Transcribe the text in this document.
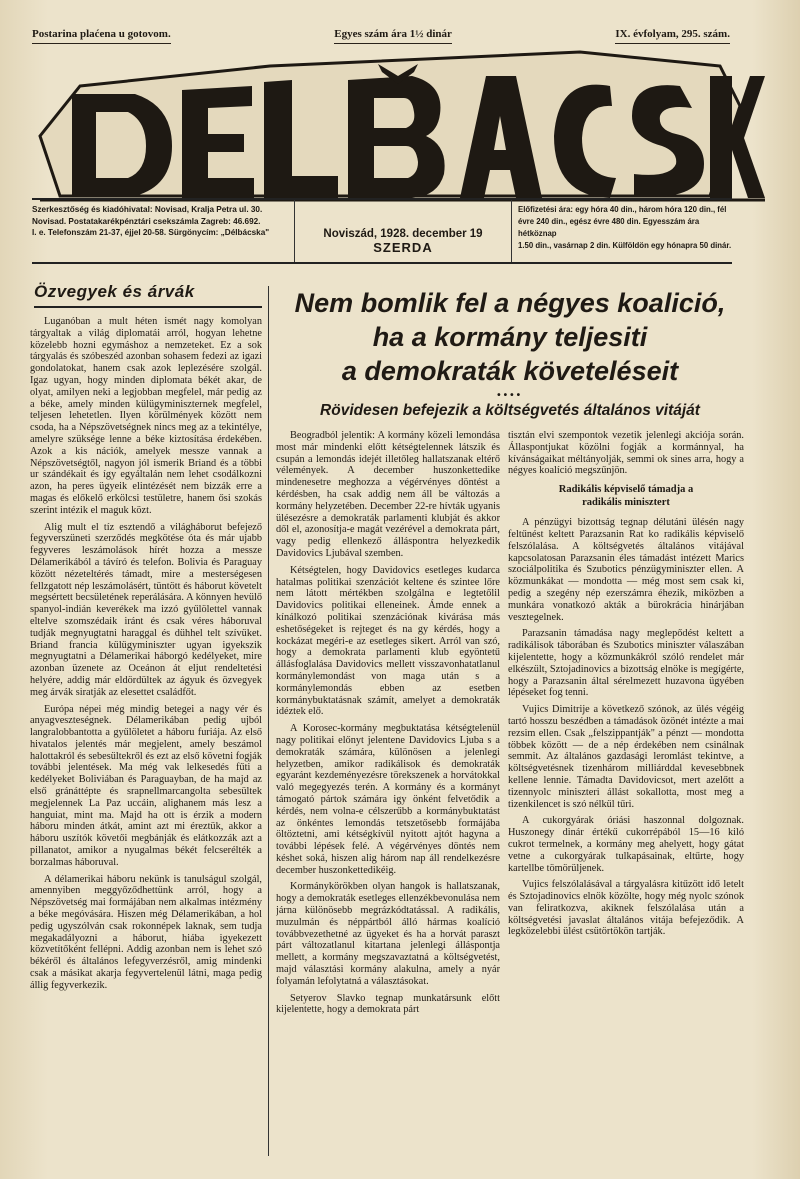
Postarina plaćena u gotovom.	Egyes szám ára 1½ dinár	IX. évfolyam, 295. szám.
Szerkesztőség és kiadóhivatal: Novisad, Kralja Petra ul. 30.
Novisad. Postatakarékpénztári csekszámla Zagreb: 46.692.
I. e. Telefonszám 21-37, éjjel 20-58. Sürgönycím: „Délbácska"	Noviszád, 1928. december 19
SZERDA
Előfizetési ára: egy hóra 40 din., három hóra 120 din., fél
évre 240 din., egész évre 480 din. Egyesszám ára hétköznap
1.50 din., vasárnap 2 din. Külföldön egy hónapra 50 dinár.
Özvegyek és árvák

Luganóban a mult héten ismét nagy komolyan tárgyaltak a világ diplomatái arról, hogyan lehetne közelebb hozni egymáshoz a nemzeteket. Ez a sok tárgyalás és szóbeszéd azonban sohasem fedezi az igazi gondolatokat, hanem csak azok leplezésére szolgál. Igaz ugyan, hogy minden diplomata békét akar, de olyat, amilyen neki a legjobban megfelel, már pedig az a béke, amely minden külügyminiszternek megfelel, teljesen lehetetlen. Ilyen körülmények között nem csoda, ha a Népszövetségnek nincs meg az a tekintélye, amelyre szüksége lenne a béke kiztosítása érdekében. Azok a kis nációk, amelyek messze vannak a Népszövetségtől, nagyon jól ismerik Briand és a többi ur szándékait és így egyáltalán nem lehet csodálkozni azon, ha peres ügyeik elintézését nem bizzák erre a magas és előkelő erkölcsi testületre, hanem ősi szokás szerint intézik el maguk közt.

Alig mult el tíz esztendő a világháborut befejező fegyverszüneti szerződés megkötése óta és már ujabb fegyveres leszámolások hírét hozza a messze Délamerikából a távíró és telefon. Bolivia és Paraguay között nézeteltérés támadt, mire a mesterségesen fellzgatott nép leszámolásért, tüntött és háborut követelt megsértett becsületének reperálására. A könnyen hevülő spanyol-indián keverékek ma izzó gyűlölettel vannak eltelve szomszédaik iránt és csak véres háboruval tudják megnyugtatni haraggal és dühhel telt szívüket. Briand francia külügyminiszter ugyan igyekszik megnyugtatni a Délamerikai háborgó kedélyeket, mire azonban üzenete az Oceánon át eljut rendeltetési helyére, addig már eldördültek az ágyuk és özvegyek meg árvák siratják az elesettet családfőt.

Európa népei még mindig betegei a nagy vér és anyagveszteségnek. Délamerikában pedig ujból langralobbantotta a gyűlöletet a háboru furiája. Az első hivatalos jelentés már megjelent, amely beszámol halottakról és sebesültekről és ezt az első követni fogják további jelentések. Ma még vak lelkesedés fűti a kedélyeket Boliviában és Paraguayban, de ha majd az első gránáttépte és srapnellmarcangolta sebesültek megjelennek La Paz uccáin, alighanem más lesz a hanguiat, mint ma. Majd ha ott is érzik a modern háboru minden átkát, amint azt mi éreztük, akkor a háboru uszítók követői megbánják és elátkozzák azt a pillanatot, amikor a nyugalmas békét felcserélték a borzalmas háboruval.

A délamerikai háboru nekünk is tanulságul szolgál, amennyiben meggyőződhettünk arról, hogy a Népszövetség mai formájában nem alkalmas intézmény a béke megóvására. Hiszen még Délamerikában, a hol pedig ugyszólván csak rokonnépek laknak, sem tudja megakadályozni a háborut, hiába igyekezett közvetítőként fellépni. Addig azonban nem is lehet szó békéről és általános lefegyverzésről, amig mindenki csak a másikat akarja fegyvertelenül látni, maga pedig állig fegyverkezik.

Nem bomlik fel a négyes koalició,
ha a kormány teljesiti
a demokraták követeléseit
••••
Rövidesen befejezik a költségvetés általános vitáját

Beogradból jelentik: A kormány közeli lemondása most már mindenki előtt kétségtelennek látszik és csupán a lemondás idejét illetőleg hallatszanak eltérő vélemények. A december huszonkettedike mindenesetre meghozza a végérvényes döntést a kérdésben, ha csak addig nem áll be változás a kormány helyzetében. December 22-re hívták ugyanis ülésezésre a demokraták parlamenti klubját és akkor dől el, azonosítja-e magát vezérével a demokrata párt, vagy pedig ellenkező álláspontra helyezkedik Davidovics Ljubával szemben.

Kétségtelen, hogy Davidovics esetleges kudarca hatalmas politikai szenzációt keltene és szintee lőre nem látott mértékben szolgálna e legtetőlil Davidovics politikai elleneinek. Ámde ennek a kínálkozó politikai szenzációnak kivárása más eshetőségeket is rejteget és na gy kérdés, hogy a kockázat megéri-e az esetleges sikert. Arról van szó, hogy a demokrata parlamenti klub egyöntetű állásfoglalása Davidovics mellett visszavonhatatlanul kormánylemondást von maga után s a kormánylemondás ebben az esetben kormánybuktatásnak számít, amelyet a demokraták idéztek elő.

A Korosec-kormány megbuktatása kétségtelenül nagy politikai előnyt jelentene Davidovics Ljuba s a demokraták számára, különösen a jelenlegi helyzetben, amikor radikálisok és demokraták egyaránt kezdeményezésre törekszenek a horvátokkal való megegyezés terén. A kormány és a kormányt támogató pártok számára igy önként felvetődik a kérdés, nem volna-e célszerűbb a kormánybuktatást az önkéntes lemondás tetszetősebb formájába öltöztetni, ami kétségkívül nyitott ajtót hagyna a további lépések felé. A végérvényes döntés nem késhet soká, hiszen alig három nap áll rendelkezésre december huszonkettedikéig.

Kormánykörökben olyan hangok is hallatszanak, hogy a demokraták esetleges ellenzékbevonulása nem járna különösebb megrázkódtatással. A radikális, muzulmán és néppártból álló hármas koalíció továbbvezethetné az ügyeket és ha a horvát paraszt párt változatlanul kitartana jelenlegi álláspontja mellett, a kormány megszavaztatná a költségvetést, majd választási kormány alakulna, amely a nyár folyamán lefolytatná a választásokat.

Setyerov Slavko tegnap munkatársunk előtt kijelentette, hogy a demokrata párt

tisztán elvi szempontok vezetik jelenlegi akciója során. Állaspontjukat közölni fogják a kormánnyal, ha kívánságaikat méltányolják, semmi ok sines arra, hogy a négyes koalíció megszűnjön.

Radikális képviselő támadja a
radikális minisztert

A pénzügyi bizottság tegnap délutáni ülésén nagy feltűnést keltett Parazsanin Rat ko radikális képviselő felszólalása. A költségvetés általános vitájával kapcsolatosan Parazsanin éles támadást intézett Marics szociálpolitika és Szubotics pénzügyminiszter ellen. A közmunkákat — mondotta — még most sem csak ki, pedig a szegény nép ezerszámra éhezik, miközben a munkára vonatkozó akták a bürokrácia hinárjában vesztegelnek.

Parazsanin támadása nagy meglepődést keltett a radikálisok táborában és Szubotics miniszter válaszában kijelentette, hogy a közmunkákról szóló rendelet már elkészült, Sztojadinovics a bizottság elnöke is megígérte, hogy a Parazsanin által sérelmezett huzavona ügyében lépéseket fog tenni.

Vujics Dimitrije a következő szónok, az ülés végéig tartó hosszu beszédben a támadások özönét intézte a mai rezsim ellen. Csak „felszippantják" a pénzt — mondotta többek között — de a nép érdekében nem csinálnak semmit. Az általános gazdasági leromlást tekintve, a költségvetésnek tizenhárom milliárddal kevesebbnek kellene lennie. Támadta Davidovicsot, mert azelőtt a tizennyolc miniszteri állást sokallotta, most meg a tizenkilencet is szó nélkül tűri.

A cukorgyárak óriási haszonnal dolgoznak. Huszonegy dinár értékű cukorrépából 15—16 kiló cukrot termelnek, a kormány meg ahelyett, hogy gátat vetne a cukorgyárak tulkapásainak, eltűrte, hogy kartellbe tömörüljenek.

Vujics felszólalásával a tárgyalásra kitűzött idő letelt és Sztojadinovics elnök közölte, hogy még nyolc szónok van feliratkozva, akiknek felszólalása után a költségvetési javaslat általános vitája befejeződik. A legközelebbi ülést csütörtökön tartják.
